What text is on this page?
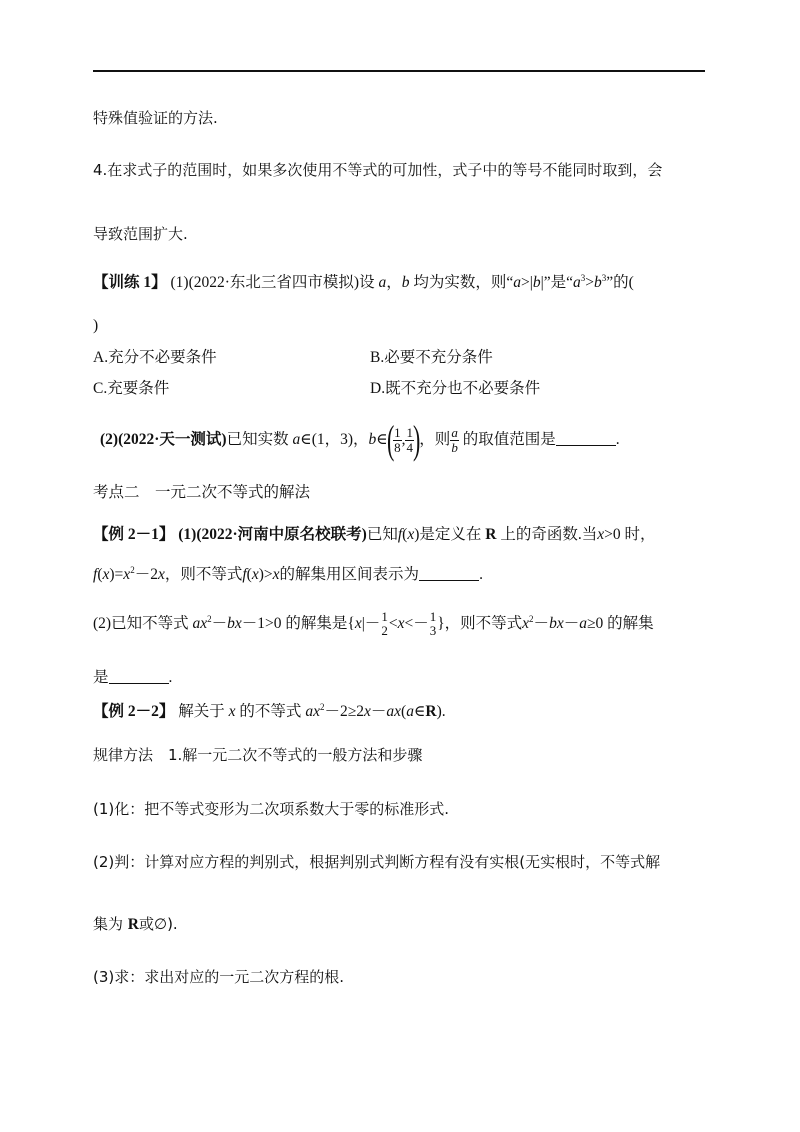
特殊值验证的方法.
4.在求式子的范围时，如果多次使用不等式的可加性，式子中的等号不能同时取到，会
导致范围扩大.
【训练 1】 (1)(2022·东北三省四市模拟)设 a，b 均为实数，则“a>|b|”是“$a^3>b^3$”的(
)
A.充分不必要条件	B.必要不充分条件
C.充要条件	D.既不充分也不必要条件
(2)(2022·天一测试)已知实数 a∈(1，3)，b∈(
$\frac{1}{8}$ , $\frac{1}{4}$
)，则 $\frac{a}{b}$ 的取值范围是	.
考点二　一元二次不等式的解法
【例 2－1】 (1)(2022·河南中原名校联考)已知f(x)是定义在 R 上的奇函数.当x>0 时，
$f(x)=x^2-2x$，则不等式f(x)>x的解集用区间表示为	.
(2)已知不等式 $ax^2-bx-1>0$ 的解集是{x|－ 1
2 <x<－ 1
3 }，则不等式$x^2-bx-a\ge 0$ 的解集
是	.
【例 2－2】 解关于 x 的不等式 $ax^2-2\ge 2x-ax(a\in R)$.
规律方法　1.解一元二次不等式的一般方法和步骤
(1)化：把不等式变形为二次项系数大于零的标准形式.
(2)判：计算对应方程的判别式，根据判别式判断方程有没有实根(无实根时，不等式解
集为 R或∅).
(3)求：求出对应的一元二次方程的根.
